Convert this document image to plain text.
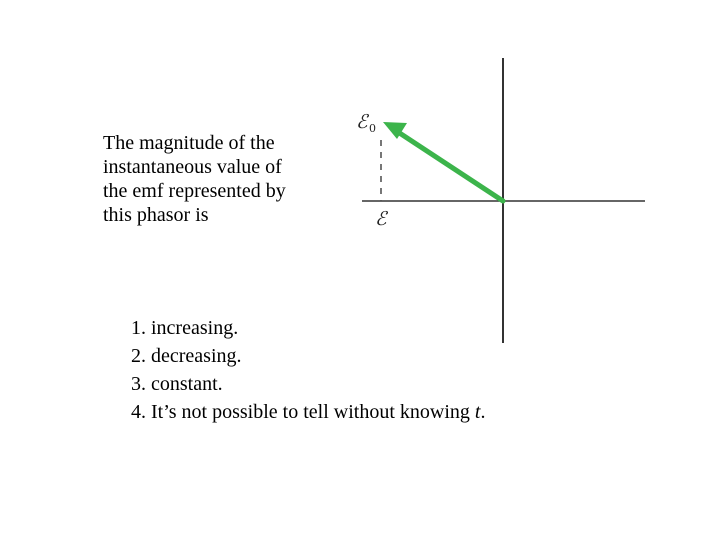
The magnitude of the
instantaneous value of
the emf represented by
this phasor is
ℰ 0
ℰ
1. increasing.
2. decreasing.
3. constant.
4. It’s not possible to tell without knowing t.
